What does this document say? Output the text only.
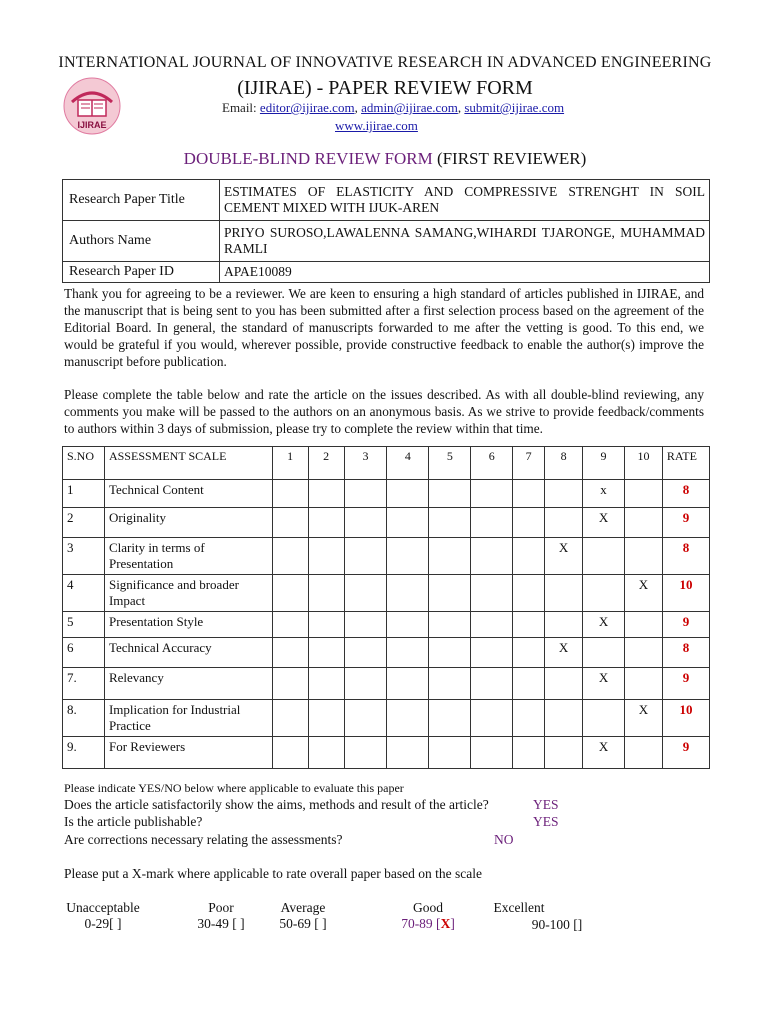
IJIRAE
INTERNATIONAL JOURNAL OF INNOVATIVE RESEARCH IN ADVANCED ENGINEERING
(IJIRAE) - PAPER REVIEW FORM
Email: editor@ijirae.com, admin@ijirae.com, submit@ijirae.com
www.ijirae.com
DOUBLE-BLIND REVIEW FORM (FIRST REVIEWER)
Research Paper Title	ESTIMATES OF ELASTICITY AND COMPRESSIVE STRENGHT IN SOIL CEMENT MIXED WITH IJUK-AREN
Authors Name	PRIYO SUROSO,LAWALENNA SAMANG,WIHARDI TJARONGE, MUHAMMAD RAMLI
Research Paper ID	APAE10089
Thank you for agreeing to be a reviewer. We are keen to ensuring a high standard of articles published in IJIRAE, and the manuscript that is being sent to you has been submitted after a first selection process based on the agreement of the Editorial Board. In general, the standard of manuscripts forwarded to me after the vetting is good. To this end, we would be grateful if you would, wherever possible, provide constructive feedback to enable the author(s) improve the manuscript before publication.
Please complete the table below and rate the article on the issues described. As with all double-blind reviewing, any comments you make will be passed to the authors on an anonymous basis. As we strive to provide feedback/comments to authors within 3 days of submission, please try to complete the review within that time.
S.NO	ASSESSMENT SCALE	1	2	3	4	5	6	7	8	9	10	RATE
1	Technical Content									x		8
2	Originality									X		9
3	Clarity in terms of Presentation								X			8
4	Significance and broader Impact										X	10
5	Presentation Style									X		9
6	Technical Accuracy								X			8
7.	Relevancy									X		9
8.	Implication for Industrial Practice										X	10
9.	For Reviewers									X		9
Please indicate YES/NO below where applicable to evaluate this paper
Does the article satisfactorily show the aims, methods and result of the article?	YES
Is the article publishable?	YES
Are corrections necessary relating the assessments?	NO
Please put a X-mark where applicable to rate overall paper based on the scale
Unacceptable
0-29[ ]
Poor
30-49 [ ]
Average
50-69 [ ]
Good
70-89 [X]
Excellent
90-100 []
